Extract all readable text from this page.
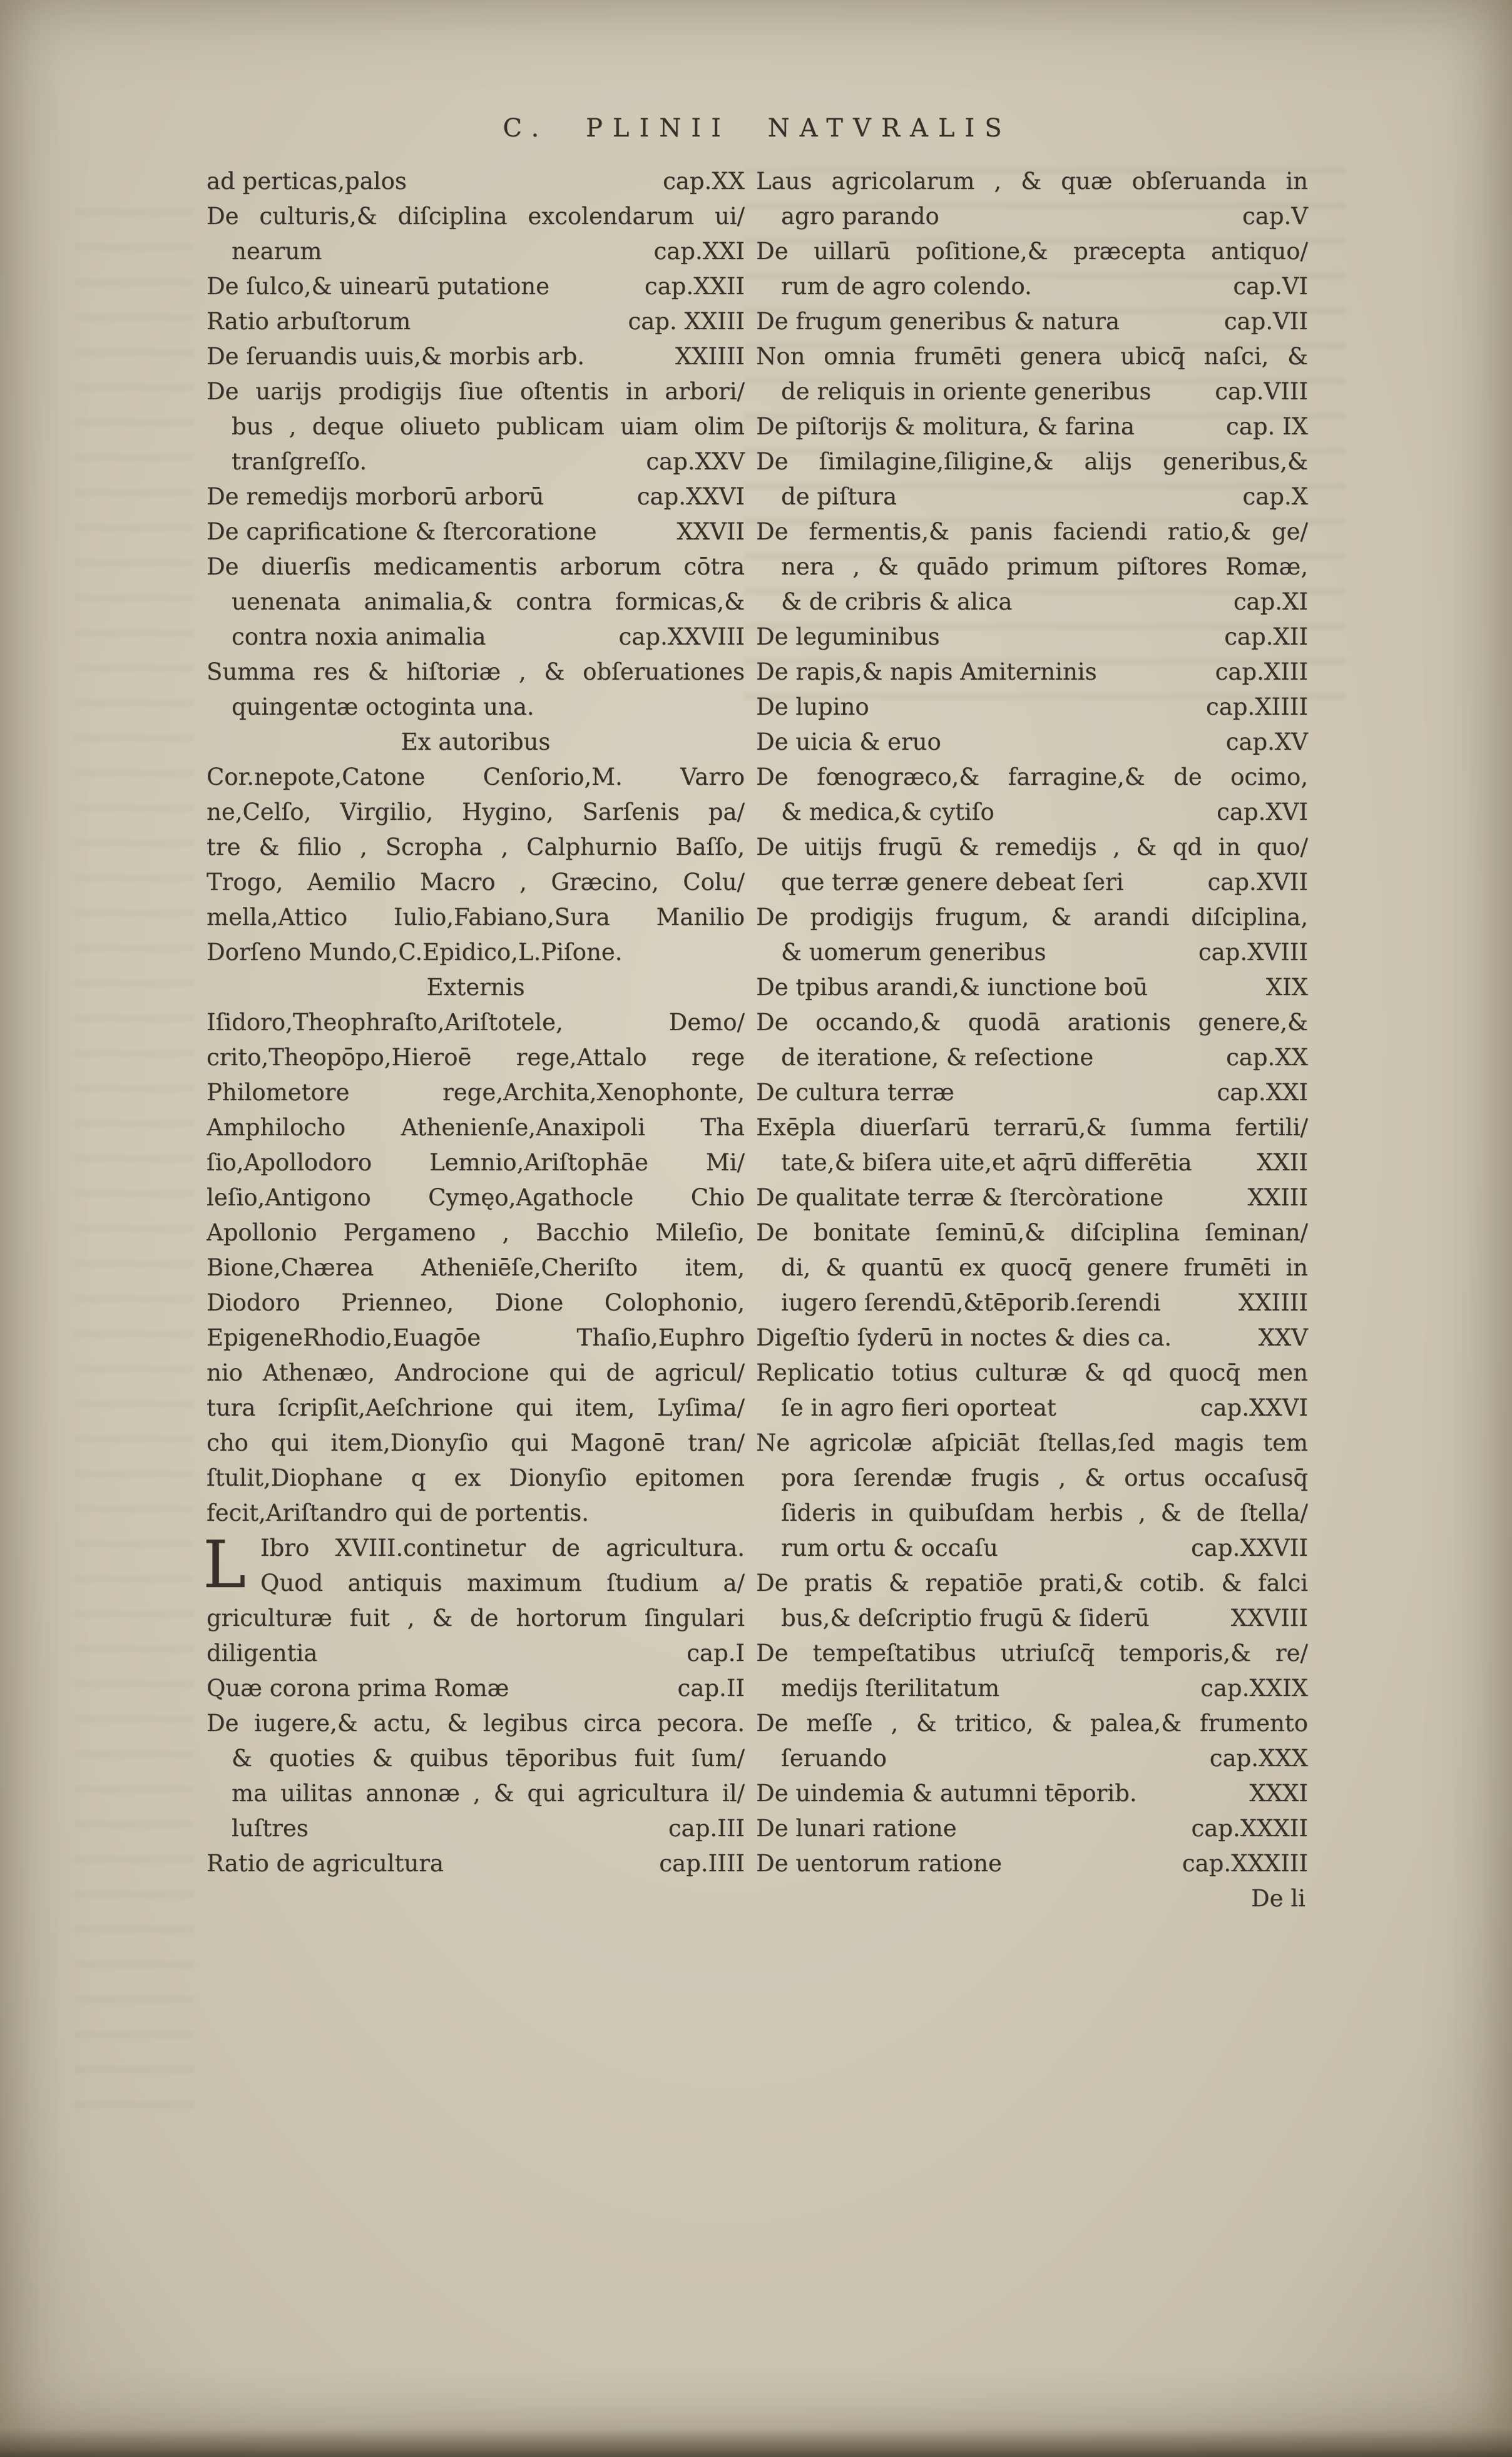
C. PLINII NATVRALIS
ad perticas,palos	cap.XX
De culturis,& diſciplina excolendarum ui/
nearum	cap.XXI
De ſulco,& uinearū putatione	cap.XXII
Ratio arbuſtorum	cap. XXIII
De ſeruandis uuis,& morbis arb.	XXIIII
De uarijs prodigijs ſiue oſtentis in arbori/
bus , deque oliueto publicam uiam olim
tranſgreſſo.	cap.XXV
De remedijs morborū arborū	cap.XXVI
De caprificatione & ſtercoratione	XXVII
De diuerſis medicamentis arborum cōtra
uenenata animalia,& contra formicas,&
contra noxia animalia	cap.XXVIII
Summa res & hiſtoriæ , & obſeruationes
quingentæ octoginta una.
Ex autoribus
Cor.nepote,Catone Cenſorio,M. Varro
ne,Celſo, Virgilio, Hygino, Sarſenis pa/
tre & filio , Scropha , Calphurnio Baſſo,
Trogo, Aemilio Macro , Græcino, Colu/
mella,Attico Iulio,Fabiano,Sura Manilio
Dorſeno Mundo,C.Epidico,L.Piſone.
Externis
Iſidoro,Theophraſto,Ariſtotele, Demo/
crito,Theopōpo,Hieroē rege,Attalo rege
Philometore rege,Archita,Xenophonte,
Amphilocho Athenienſe,Anaxipoli Tha
ſio,Apollodoro Lemnio,Ariſtophāe Mi/
leſio,Antigono Cymęo,Agathocle Chio
Apollonio Pergameno , Bacchio Mileſio,
Bione,Chærea Atheniēſe,Cheriſto item,
Diodoro Prienneo, Dione Colophonio,
EpigeneRhodio,Euagōe Thaſio,Euphro
nio Athenæo, Androcione qui de agricul/
tura ſcripſit,Aeſchrione qui item, Lyſima/
cho qui item,Dionyſio qui Magonē tran/
ſtulit,Diophane q ex Dionyſio epitomen
fecit,Ariſtandro qui de portentis.
L Ibro XVIII.continetur de agricultura.
Quod antiquis maximum ſtudium a/
griculturæ fuit , & de hortorum ſingulari
diligentia	cap.I
Quæ corona prima Romæ	cap.II
De iugere,& actu, & legibus circa pecora.
& quoties & quibus tēporibus fuit ſum/
ma uilitas annonæ , & qui agricultura il/
luſtres	cap.III
Ratio de agricultura	cap.IIII
Laus agricolarum , & quæ obſeruanda in
agro parando	cap.V
De uillarū poſitione,& præcepta antiquo/
rum de agro colendo.	cap.VI
De frugum generibus & natura	cap.VII
Non omnia frumēti genera ubicq̄ naſci, &
de reliquis in oriente generibus	cap.VIII
De piſtorijs & molitura, & farina	cap. IX
De ſimilagine,ſiligine,& alijs generibus,&
de piſtura	cap.X
De fermentis,& panis faciendi ratio,& ge/
nera , & quādo primum piſtores Romæ,
& de cribris & alica	cap.XI
De leguminibus	cap.XII
De rapis,& napis Amiterninis	cap.XIII
De lupino	cap.XIIII
De uicia & eruo	cap.XV
De fœnogræco,& farragine,& de ocimo,
& medica,& cytiſo	cap.XVI
De uitijs frugū & remedijs , & qd in quo/
que terræ genere debeat ſeri	cap.XVII
De prodigijs frugum, & arandi diſciplina,
& uomerum generibus	cap.XVIII
De tpibus arandi,& iunctione boū	XIX
De occando,& quodā arationis genere,&
de iteratione, & reſectione	cap.XX
De cultura terræ	cap.XXI
Exēpla diuerſarū terrarū,& ſumma fertili/
tate,& biſera uite,et aq̄rū differētia	XXII
De qualitate terræ & ſtercòratione	XXIII
De bonitate ſeminū,& diſciplina ſeminan/
di, & quantū ex quocq̄ genere frumēti in
iugero ſerendū,&tēporib.ſerendi	XXIIII
Digeſtio ſyderū in noctes & dies ca.	XXV
Replicatio totius culturæ & qd quocq̄ men
ſe in agro fieri oporteat	cap.XXVI
Ne agricolæ aſpiciāt ſtellas,ſed magis tem
pora ſerendæ frugis , & ortus occaſusq̄
ſideris in quibuſdam herbis , & de ſtella/
rum ortu & occaſu	cap.XXVII
De pratis & repatiōe prati,& cotib. & falci
bus,& deſcriptio frugū & ſiderū	XXVIII
De tempeſtatibus utriuſcq̄ temporis,& re/
medijs ſterilitatum	cap.XXIX
De meſſe , & tritico, & palea,& frumento
ſeruando	cap.XXX
De uindemia & autumni tēporib.	XXXI
De lunari ratione	cap.XXXII
De uentorum ratione	cap.XXXIII
De li
